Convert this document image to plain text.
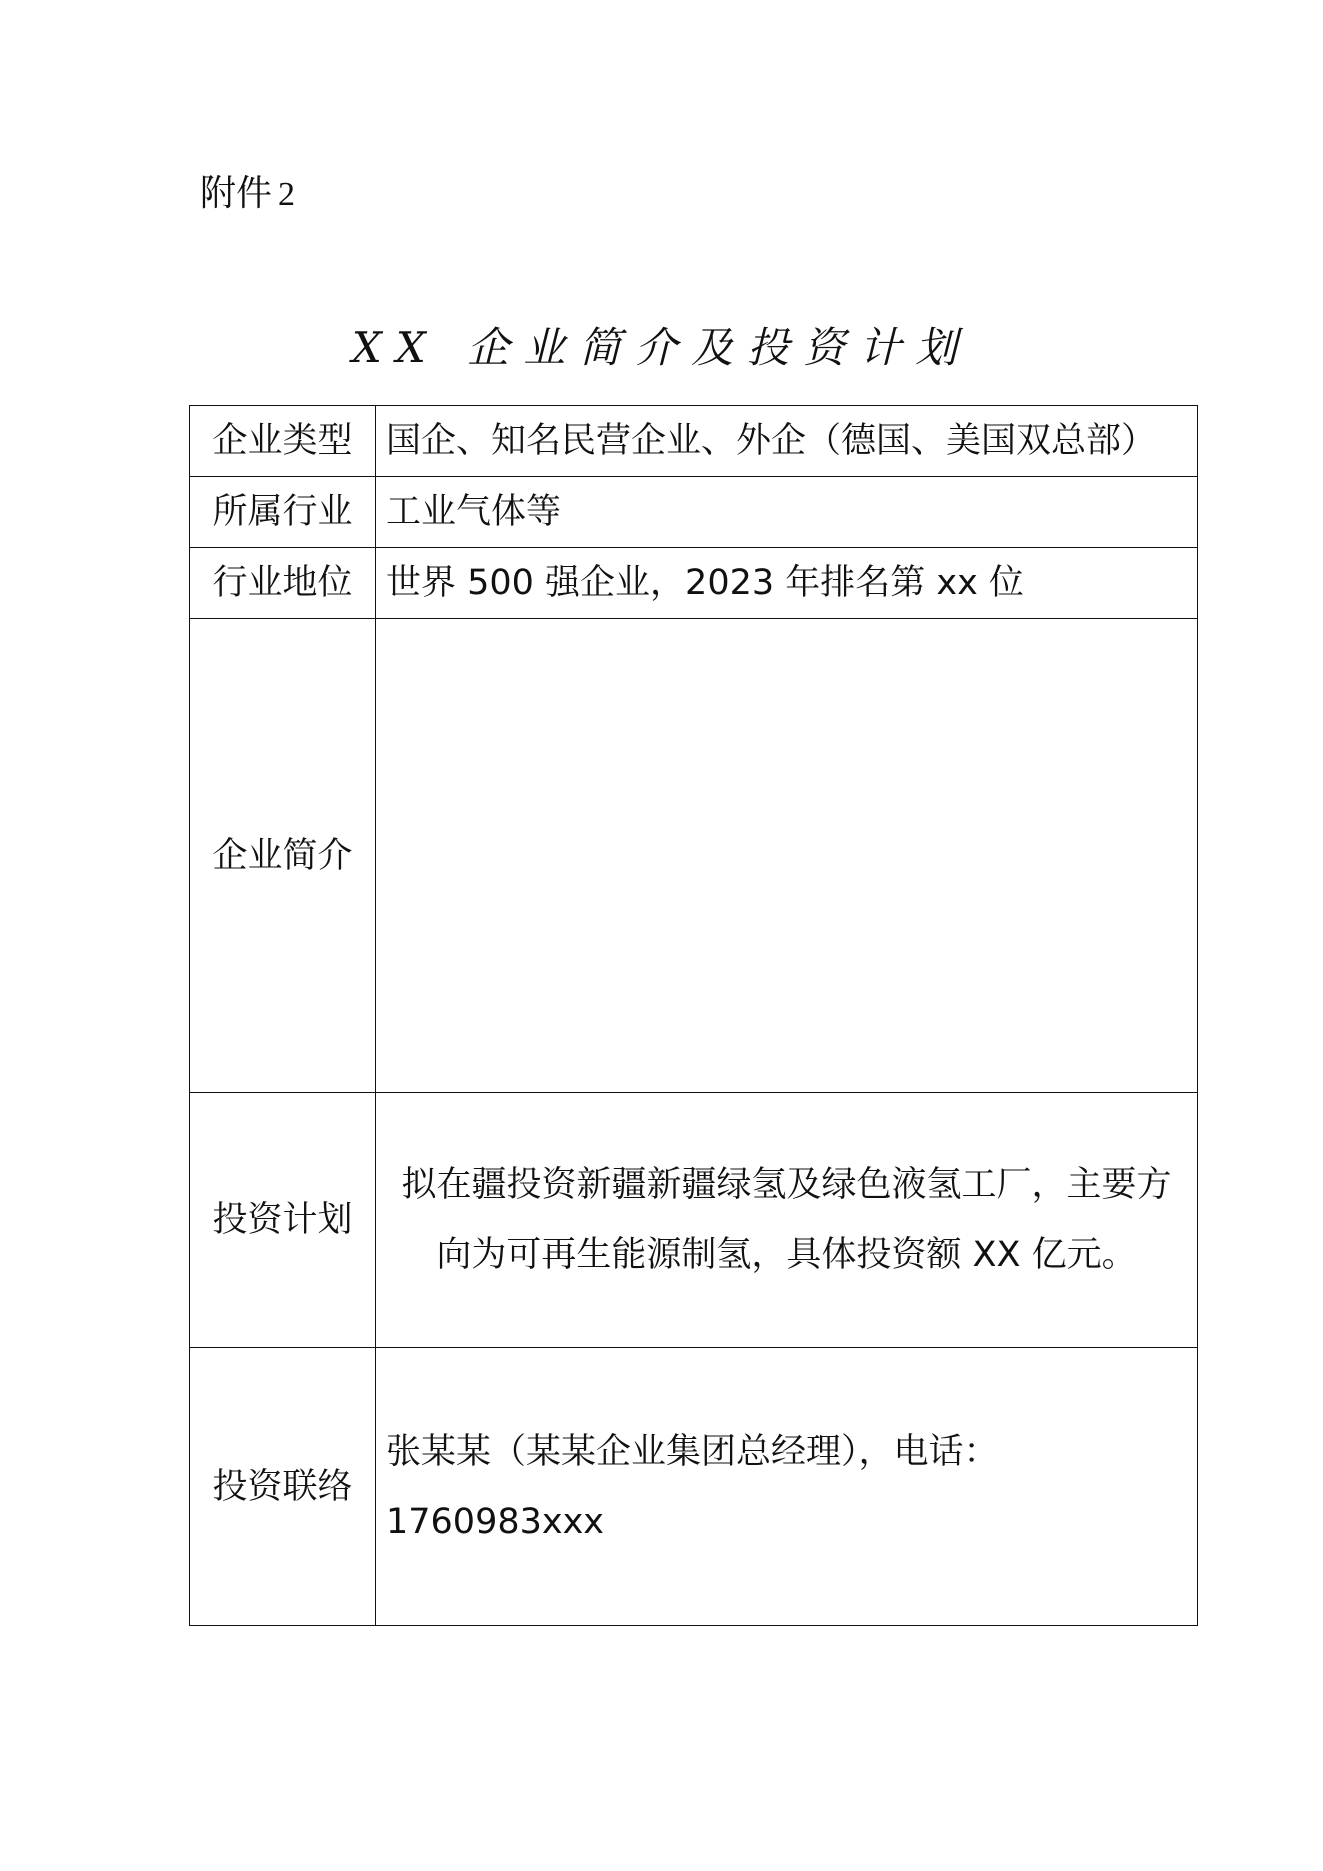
附件 2
XX 企业简介及投资计划
企业类型	国企、知名民营企业、外企（德国、美国双总部）
所属行业	工业气体等
行业地位	世界 500 强企业，2023 年排名第 xx 位
企业简介	
投资计划	拟在疆投资新疆新疆绿氢及绿色液氢工厂，主要方向为可再生能源制氢，具体投资额 XX 亿元。
投资联络	张某某（某某企业集团总经理），电话：1760983xxx
